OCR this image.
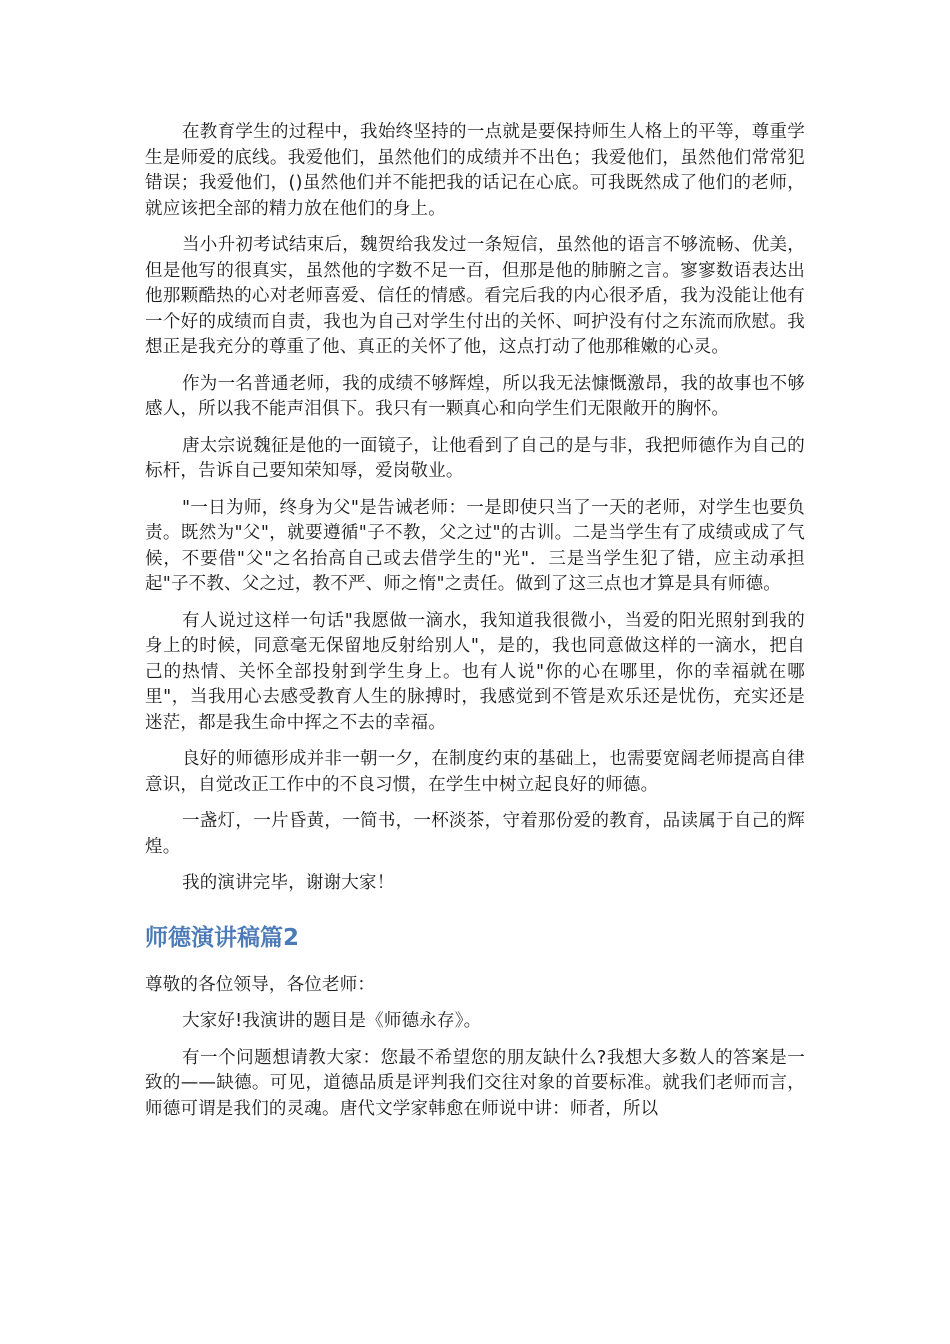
在教育学生的过程中，我始终坚持的一点就是要保持师生人格上的平等，尊重学生是师爱的底线。我爱他们，虽然他们的成绩并不出色；我爱他们，虽然他们常常犯错误；我爱他们，()虽然他们并不能把我的话记在心底。可我既然成了他们的老师，就应该把全部的精力放在他们的身上。

当小升初考试结束后，魏贺给我发过一条短信，虽然他的语言不够流畅、优美，但是他写的很真实，虽然他的字数不足一百，但那是他的肺腑之言。寥寥数语表达出他那颗酷热的心对老师喜爱、信任的情感。看完后我的内心很矛盾，我为没能让他有一个好的成绩而自责，我也为自己对学生付出的关怀、呵护没有付之东流而欣慰。我想正是我充分的尊重了他、真正的关怀了他，这点打动了他那稚嫩的心灵。

作为一名普通老师，我的成绩不够辉煌，所以我无法慷慨激昂，我的故事也不够感人，所以我不能声泪俱下。我只有一颗真心和向学生们无限敞开的胸怀。

唐太宗说魏征是他的一面镜子，让他看到了自己的是与非，我把师德作为自己的标杆，告诉自己要知荣知辱，爱岗敬业。

"一日为师，终身为父"是告诫老师：一是即使只当了一天的老师，对学生也要负责。既然为"父"，就要遵循"子不教，父之过"的古训。二是当学生有了成绩或成了气候，不要借"父"之名抬高自己或去借学生的"光"．三是当学生犯了错，应主动承担起"子不教、父之过，教不严、师之惰"之责任。做到了这三点也才算是具有师德。

有人说过这样一句话"我愿做一滴水，我知道我很微小，当爱的阳光照射到我的身上的时候，同意毫无保留地反射给别人"，是的，我也同意做这样的一滴水，把自己的热情、关怀全部投射到学生身上。也有人说"你的心在哪里，你的幸福就在哪里"，当我用心去感受教育人生的脉搏时，我感觉到不管是欢乐还是忧伤，充实还是迷茫，都是我生命中挥之不去的幸福。

良好的师德形成并非一朝一夕，在制度约束的基础上，也需要宽阔老师提高自律意识，自觉改正工作中的不良习惯，在学生中树立起良好的师德。

一盏灯，一片昏黄，一简书，一杯淡茶，守着那份爱的教育，品读属于自己的辉煌。

我的演讲完毕，谢谢大家！

师德演讲稿篇2

尊敬的各位领导，各位老师：

大家好!我演讲的题目是《师德永存》。

有一个问题想请教大家：您最不希望您的朋友缺什么?我想大多数人的答案是一致的——缺德。可见，道德品质是评判我们交往对象的首要标准。就我们老师而言，师德可谓是我们的灵魂。唐代文学家韩愈在师说中讲：师者，所以
